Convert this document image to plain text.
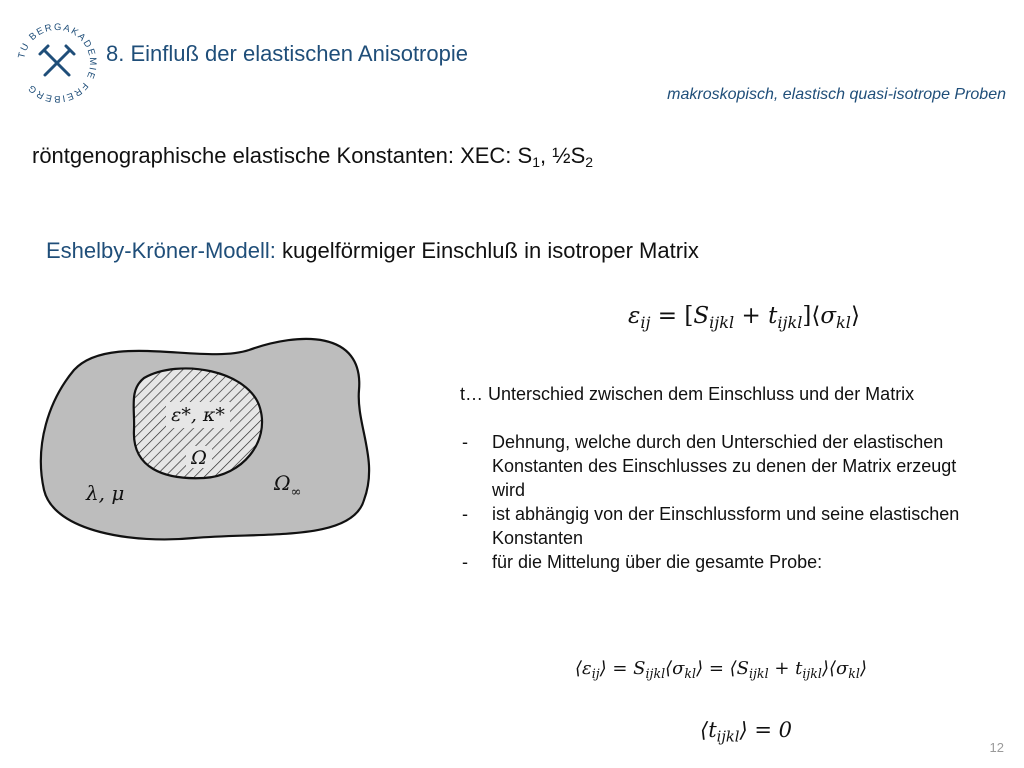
TU BERGAKADEMIE FREIBERG
8. Einfluß der elastischen Anisotropie
makroskopisch, elastisch quasi-isotrope Proben
röntgenographische elastische Konstanten: XEC: $S_1$, $\frac{1}{2}S_2$
Eshelby-Kröner-Modell: kugelförmiger Einschluß in isotroper Matrix
$\varepsilon_{ij} = [S_{ijkl}$ + $t_{ijkl}]⟨\sigma_{kl}⟩$
ε*, κ*
Ω
λ, μ	$\Omega_\infty$

t… Unterschied zwischen dem Einschluss und der Matrix

- Dehnung, welche durch den Unterschied der elastischen Konstanten des Einschlusses zu denen der Matrix erzeugt wird
- ist abhängig von der Einschlussform und seine elastischen Konstanten
- für die Mittelung über die gesamte Probe:
$⟨\varepsilon_{ij}⟩$ = $S_{ijkl}⟨\sigma_{kl}⟩$ = $⟨S_{ijkl}$ + $t_{ijkl}⟩⟨\sigma_{kl}⟩$
$⟨t_{ijkl}⟩ = 0$
12
